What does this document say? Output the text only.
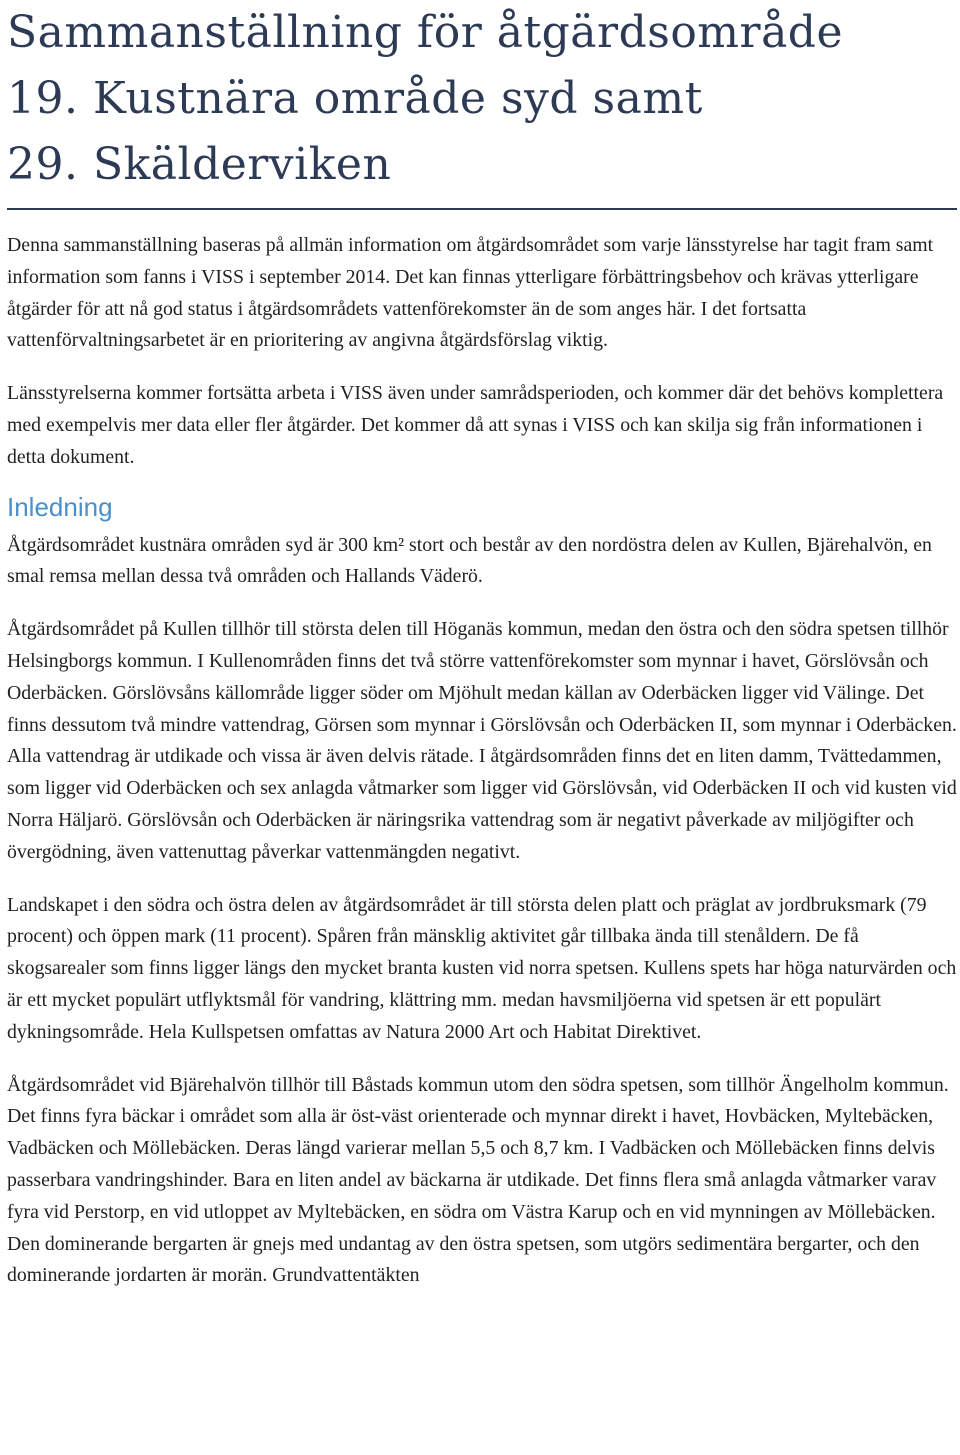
Sammanställning för åtgärdsområde
19. Kustnära område syd samt
29. Skälderviken

Denna sammanställning baseras på allmän information om åtgärdsområdet som varje länsstyrelse har tagit fram samt information som fanns i VISS i september 2014. Det kan finnas ytterligare förbättringsbehov och krävas ytterligare åtgärder för att nå god status i åtgärdsområdets vattenförekomster än de som anges här. I det fortsatta vattenförvaltningsarbetet är en prioritering av angivna åtgärdsförslag viktig.

Länsstyrelserna kommer fortsätta arbeta i VISS även under samrådsperioden, och kommer där det behövs komplettera med exempelvis mer data eller fler åtgärder. Det kommer då att synas i VISS och kan skilja sig från informationen i detta dokument.

Inledning

Åtgärdsområdet kustnära områden syd är 300 km² stort och består av den nordöstra delen av Kullen, Bjärehalvön, en smal remsa mellan dessa två områden och Hallands Väderö.

Åtgärdsområdet på Kullen tillhör till största delen till Höganäs kommun, medan den östra och den södra spetsen tillhör Helsingborgs kommun. I Kullenområden finns det två större vattenförekomster som mynnar i havet, Görslövsån och Oderbäcken. Görslövsåns källområde ligger söder om Mjöhult medan källan av Oderbäcken ligger vid Välinge. Det finns dessutom två mindre vattendrag, Görsen som mynnar i Görslövsån och Oderbäcken II, som mynnar i Oderbäcken. Alla vattendrag är utdikade och vissa är även delvis rätade. I åtgärdsområden finns det en liten damm, Tvättedammen, som ligger vid Oderbäcken och sex anlagda våtmarker som ligger vid Görslövsån, vid Oderbäcken II och vid kusten vid Norra Häljarö. Görslövsån och Oderbäcken är näringsrika vattendrag som är negativt påverkade av miljögifter och övergödning, även vattenuttag påverkar vattenmängden negativt.

Landskapet i den södra och östra delen av åtgärdsområdet är till största delen platt och präglat av jordbruksmark (79 procent) och öppen mark (11 procent). Spåren från mänsklig aktivitet går tillbaka ända till stenåldern. De få skogsarealer som finns ligger längs den mycket branta kusten vid norra spetsen. Kullens spets har höga naturvärden och är ett mycket populärt utflyktsmål för vandring, klättring mm. medan havsmiljöerna vid spetsen är ett populärt dykningsområde. Hela Kullspetsen omfattas av Natura 2000 Art och Habitat Direktivet.

Åtgärdsområdet vid Bjärehalvön tillhör till Båstads kommun utom den södra spetsen, som tillhör Ängelholm kommun. Det finns fyra bäckar i området som alla är öst-väst orienterade och mynnar direkt i havet, Hovbäcken, Myltebäcken, Vadbäcken och Möllebäcken. Deras längd varierar mellan 5,5 och 8,7 km. I Vadbäcken och Möllebäcken finns delvis passerbara vandringshinder. Bara en liten andel av bäckarna är utdikade. Det finns flera små anlagda våtmarker varav fyra vid Perstorp, en vid utloppet av Myltebäcken, en södra om Västra Karup och en vid mynningen av Möllebäcken. Den dominerande bergarten är gnejs med undantag av den östra spetsen, som utgörs sedimentära bergarter, och den dominerande jordarten är morän. Grundvattentäkten
